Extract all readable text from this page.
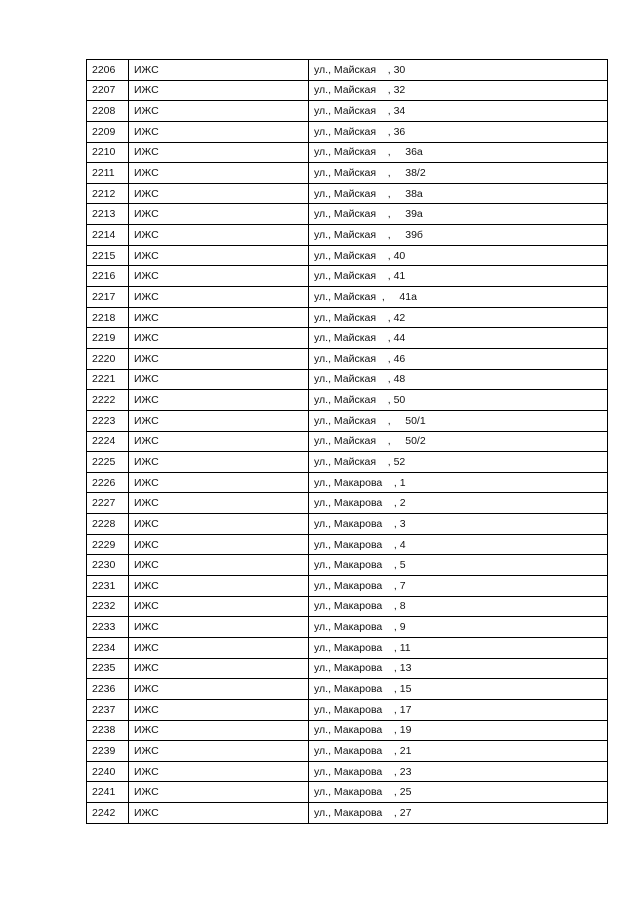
2206	ИЖС	ул., Майская    , 30
2207	ИЖС	ул., Майская    , 32
2208	ИЖС	ул., Майская    , 34
2209	ИЖС	ул., Майская    , 36
2210	ИЖС	ул., Майская    ,     36а
2211	ИЖС	ул., Майская    ,     38/2
2212	ИЖС	ул., Майская    ,     38а
2213	ИЖС	ул., Майская    ,     39а
2214	ИЖС	ул., Майская    ,     39б
2215	ИЖС	ул., Майская    , 40
2216	ИЖС	ул., Майская    , 41
2217	ИЖС	ул., Майская  ,     41а
2218	ИЖС	ул., Майская    , 42
2219	ИЖС	ул., Майская    , 44
2220	ИЖС	ул., Майская    , 46
2221	ИЖС	ул., Майская    , 48
2222	ИЖС	ул., Майская    , 50
2223	ИЖС	ул., Майская    ,     50/1
2224	ИЖС	ул., Майская    ,     50/2
2225	ИЖС	ул., Майская    , 52
2226	ИЖС	ул., Макарова    , 1
2227	ИЖС	ул., Макарова    , 2
2228	ИЖС	ул., Макарова    , 3
2229	ИЖС	ул., Макарова    , 4
2230	ИЖС	ул., Макарова    , 5
2231	ИЖС	ул., Макарова    , 7
2232	ИЖС	ул., Макарова    , 8
2233	ИЖС	ул., Макарова    , 9
2234	ИЖС	ул., Макарова    , 11
2235	ИЖС	ул., Макарова    , 13
2236	ИЖС	ул., Макарова    , 15
2237	ИЖС	ул., Макарова    , 17
2238	ИЖС	ул., Макарова    , 19
2239	ИЖС	ул., Макарова    , 21
2240	ИЖС	ул., Макарова    , 23
2241	ИЖС	ул., Макарова    , 25
2242	ИЖС	ул., Макарова    , 27
